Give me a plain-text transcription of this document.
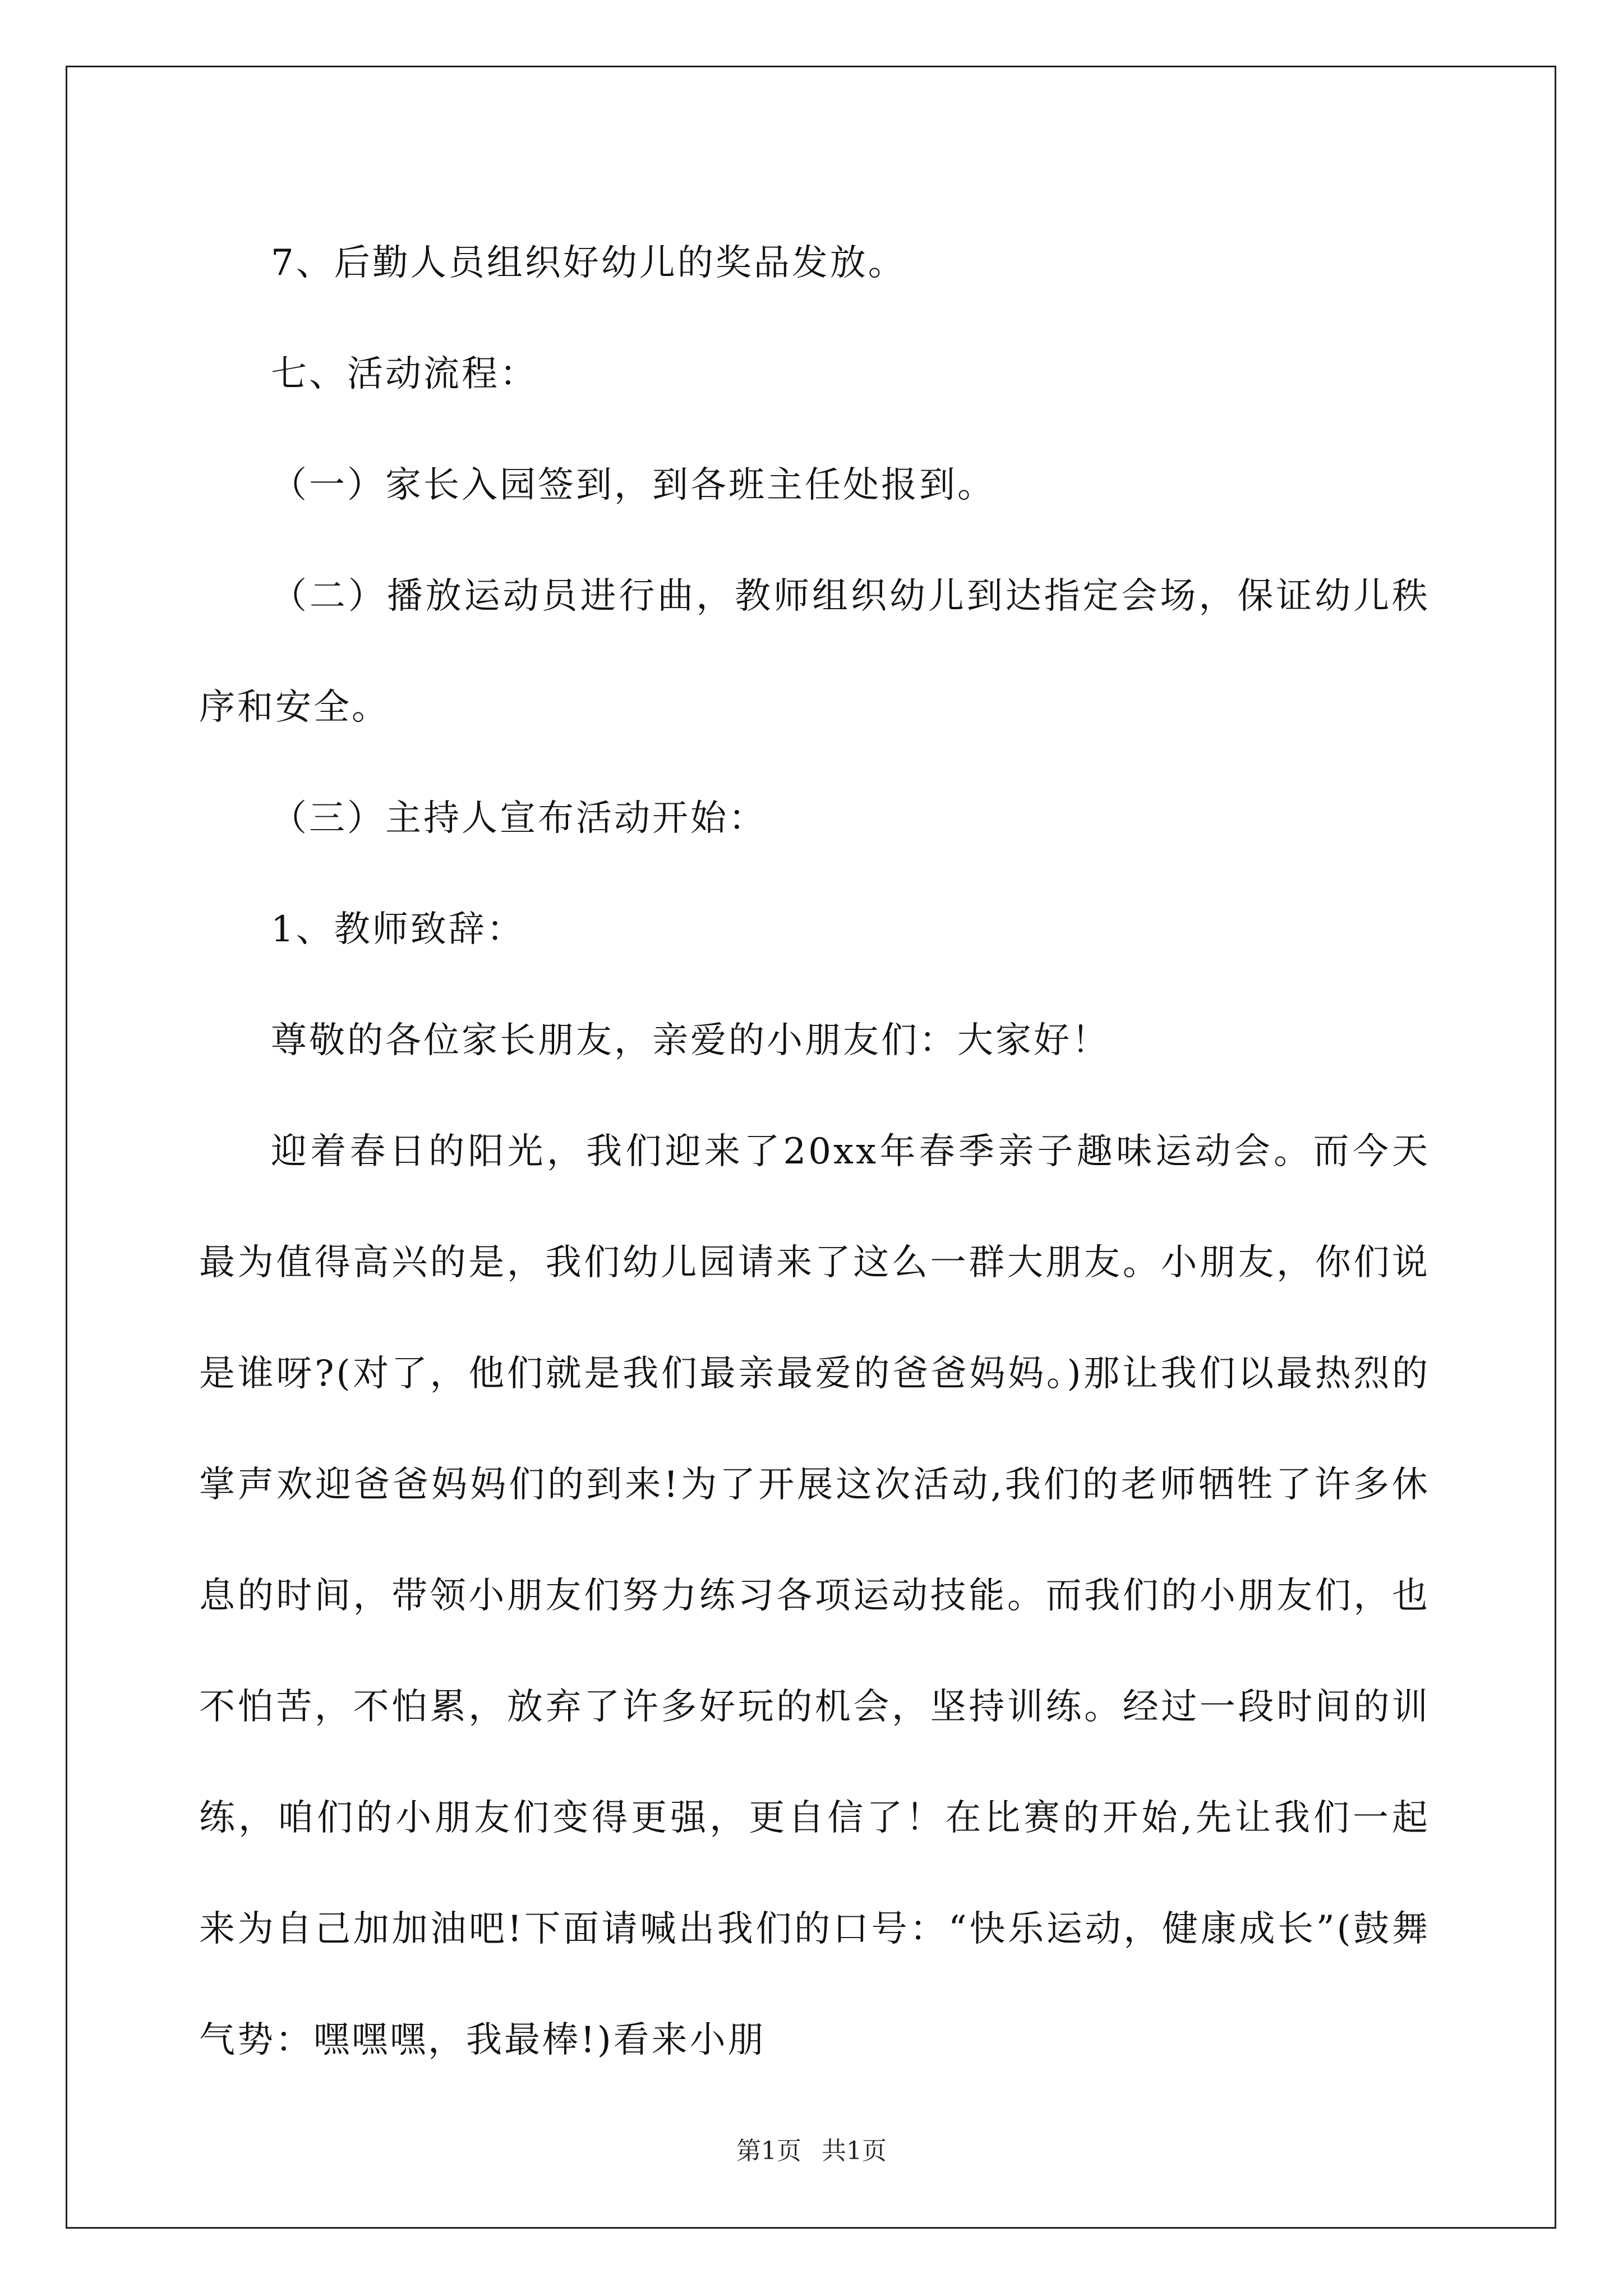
7、后勤人员组织好幼儿的奖品发放。

七、活动流程：

（一）家长入园签到，到各班主任处报到。

（二）播放运动员进行曲，教师组织幼儿到达指定会场，保证幼儿秩序和安全。

（三）主持人宣布活动开始：

1、教师致辞：

尊敬的各位家长朋友，亲爱的小朋友们：大家好！

迎着春日的阳光，我们迎来了20xx年春季亲子趣味运动会。而今天最为值得高兴的是，我们幼儿园请来了这么一群大朋友。小朋友，你们说是谁呀?(对了，他们就是我们最亲最爱的爸爸妈妈。)那让我们以最热烈的掌声欢迎爸爸妈妈们的到来!为了开展这次活动,我们的老师牺牲了许多休息的时间，带领小朋友们努力练习各项运动技能。而我们的小朋友们，也不怕苦，不怕累，放弃了许多好玩的机会，坚持训练。经过一段时间的训练，咱们的小朋友们变得更强，更自信了！在比赛的开始,先让我们一起来为自己加加油吧!下面请喊出我们的口号：“快乐运动，健康成长”(鼓舞气势：嘿嘿嘿，我最棒!)看来小朋

第1页 共1页
